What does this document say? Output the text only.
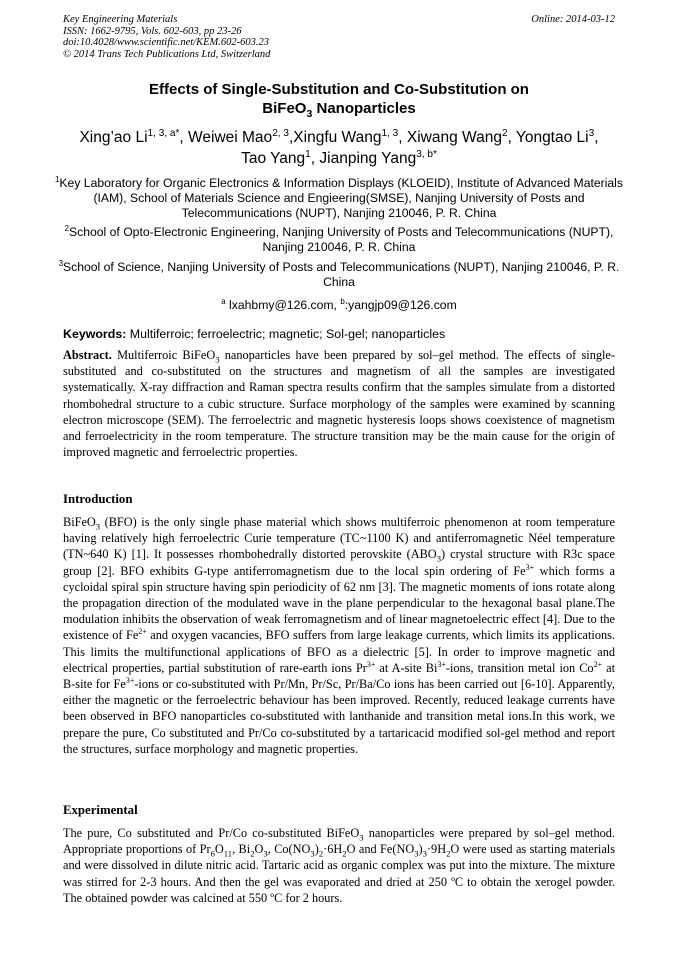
Key Engineering Materials
ISSN: 1662-9795, Vols. 602-603, pp 23-26
doi:10.4028/www.scientific.net/KEM.602-603.23
© 2014 Trans Tech Publications Ltd, Switzerland
Online: 2014-03-12
Effects of Single-Substitution and Co-Substitution on
BiFeO$_3$ Nanoparticles
Xing’ao $Li^{1, 3, a*}$, Weiwei Mao$^{2, 3}$,Xingfu Wang$^{1, 3}$, Xiwang Wang$^2$, Yongtao Li$^3$,
Tao Yang$^1$, Jianping Yang$^{3, b*}$
$^1$Key Laboratory for Organic Electronics & Information Displays (KLOEID), Institute of Advanced Materials (IAM), School of Materials Science and Engieering(SMSE), Nanjing University of Posts and Telecommunications (NUPT), Nanjing 210046, P. R. China
$^2$School of Opto-Electronic Engineering, Nanjing University of Posts and Telecommunications (NUPT), Nanjing 210046, P. R. China
$^3$School of Science, Nanjing University of Posts and Telecommunications (NUPT), Nanjing 210046, P. R. China
$^a$ lxahbmy@126.com, $^b$:yangjp09@126.com
Keywords: Multiferroic; ferroelectric; magnetic; Sol-gel; nanoparticles
Abstract. Multiferroic BiFeO$_3$ nanoparticles have been prepared by sol–gel method. The effects of single-substituted and co-substituted on the structures and magnetism of all the samples are investigated systematically. X-ray diffraction and Raman spectra results confirm that the samples simulate from a distorted rhombohedral structure to a cubic structure. Surface morphology of the samples were examined by scanning electron microscope (SEM). The ferroelectric and magnetic hysteresis loops shows coexistence of magnetism and ferroelectricity in the room temperature. The structure transition may be the main cause for the origin of improved magnetic and ferroelectric properties.
Introduction
BiFeO$_3$ (BFO) is the only single phase material which shows multiferroic phenomenon at room temperature having relatively high ferroelectric Curie temperature (TC~1100 K) and antiferromagnetic Néel temperature (TN~640 K) [1]. It possesses rhombohedrally distorted perovskite $(ABO_3)$ crystal structure with R3c space group [2]. BFO exhibits G-type antiferromagnetism due to the local spin ordering of $Fe^{3+}$ which forms a cycloidal spiral spin structure having spin periodicity of 62 nm [3]. The magnetic moments of ions rotate along the propagation direction of the modulated wave in the plane perpendicular to the hexagonal basal plane.The modulation inhibits the observation of weak ferromagnetism and of linear magnetoelectric effect [4]. Due to the existence of $Fe^{2+}$ and oxygen vacancies, BFO suffers from large leakage currents, which limits its applications. This limits the multifunctional applications of BFO as a dielectric [5]. In order to improve magnetic and electrical properties, partial substitution of rare-earth ions $Pr^{3+}$ at A-site $Bi^{3+}$-ions, transition metal ion $Co^{2+}$ at B-site for $Fe^{3+}$-ions or co-substituted with Pr/Mn, Pr/Sc, Pr/Ba/Co ions has been carried out [6-10]. Apparently, either the magnetic or the ferroelectric behaviour has been improved. Recently, reduced leakage currents have been observed in BFO nanoparticles co-substituted with lanthanide and transition metal ions.In this work, we prepare the pure, Co substituted and Pr/Co co-substituted by a tartaricacid modified sol-gel method and report the structures, surface morphology and magnetic properties.
Experimental
The pure, Co substituted and Pr/Co co-substituted BiFeO$_3$ nanoparticles were prepared by sol–gel method. Appropriate proportions of $Pr_6O_{11}$, $Bi_2O_3$, $Co(NO_3)_2\cdot 6H_2O$ and $Fe(NO_3)_3\cdot 9H_2O$ were used as starting materials and were dissolved in dilute nitric acid. Tartaric acid as organic complex was put into the mixture. The mixture was stirred for 2-3 hours. And then the gel was evaporated and dried at 250 ºC to obtain the xerogel powder. The obtained powder was calcined at 550 ºC for 2 hours.
